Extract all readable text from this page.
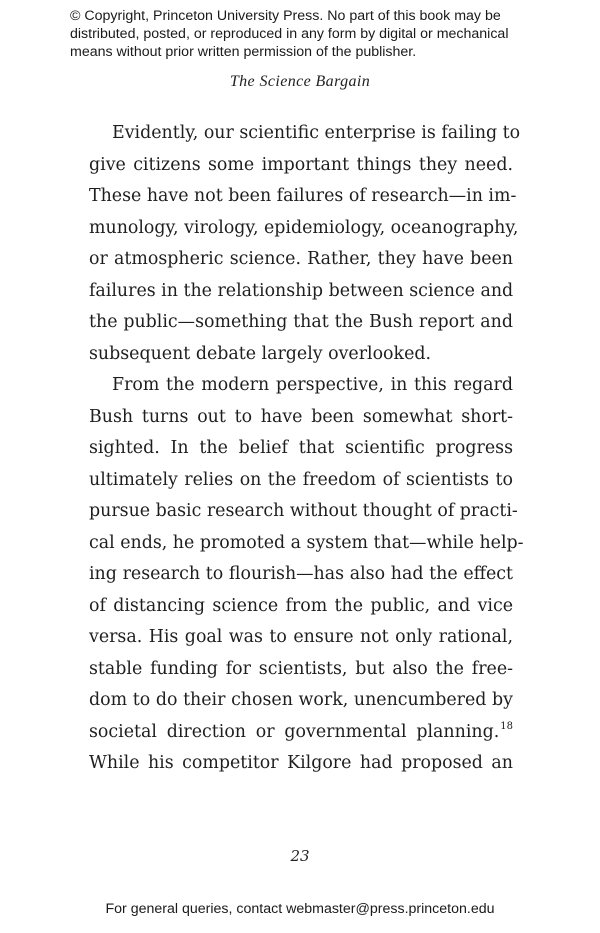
© Copyright, Princeton University Press. No part of this book may be
distributed, posted, or reproduced in any form by digital or mechanical
means without prior written permission of the publisher.
The Science Bargain
Evidently, our scientific enterprise is failing to
give citizens some important things they need.
These have not been failures of research—in im-
munology, virology, epidemiology, oceanography,
or atmospheric science. Rather, they have been
failures in the relationship between science and
the public—something that the Bush report and
subsequent debate largely overlooked.
From the modern perspective, in this regard
Bush turns out to have been somewhat short-
sighted. In the belief that scientific progress
ultimately relies on the freedom of scientists to
pursue basic research without thought of practi-
cal ends, he promoted a system that—while help-
ing research to flourish—has also had the effect
of distancing science from the public, and vice
versa. His goal was to ensure not only rational,
stable funding for scientists, but also the free-
dom to do their chosen work, unencumbered by
societal direction or governmental planning.$^{18}$
While his competitor Kilgore had proposed an
23
For general queries, contact webmaster@press.princeton.edu
